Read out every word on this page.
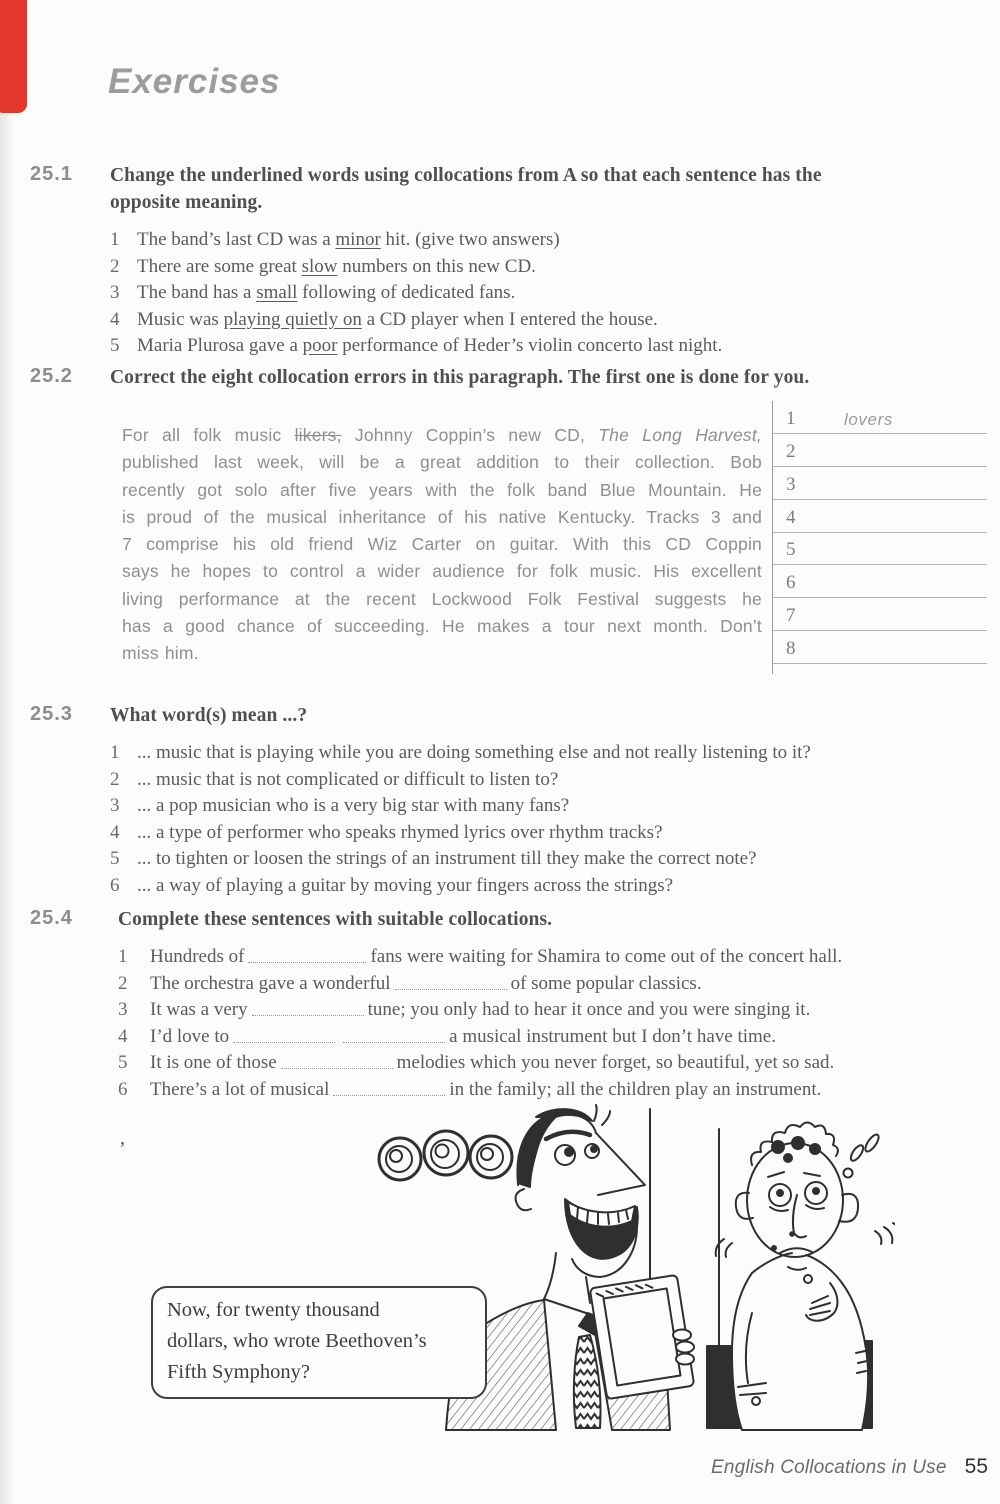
Exercises
25.1	Change the underlined words using collocations from A so that each sentence has the
opposite meaning.
1 The band’s last CD was a minor hit. (give two answers)
2 There are some great slow numbers on this new CD.
3 The band has a small following of dedicated fans.
4 Music was playing quietly on a CD player when I entered the house.
5 Maria Plurosa gave a poor performance of Heder’s violin concerto last night.
25.2	Correct the eight collocation errors in this paragraph. The first one is done for you.
For all folk music likers, Johnny Coppin’s new CD, The Long Harvest,
published last week, will be a great addition to their collection. Bob
recently got solo after five years with the folk band Blue Mountain. He
is proud of the musical inheritance of his native Kentucky. Tracks 3 and
7 comprise his old friend Wiz Carter on guitar. With this CD Coppin
says he hopes to control a wider audience for folk music. His excellent
living performance at the recent Lockwood Folk Festival suggests he
has a good chance of succeeding. He makes a tour next month. Don’t
miss him.
1	lovers
2
3
4
5
6
7
8
25.3	What word(s) mean ...?
1 ... music that is playing while you are doing something else and not really listening to it?
2 ... music that is not complicated or difficult to listen to?
3 ... a pop musician who is a very big star with many fans?
4 ... a type of performer who speaks rhymed lyrics over rhythm tracks?
5 ... to tighten or loosen the strings of an instrument till they make the correct note?
6 ... a way of playing a guitar by moving your fingers across the strings?
25.4	Complete these sentences with suitable collocations.
1	Hundreds of	fans were waiting for Shamira to come out of the concert hall.
2	The orchestra gave a wonderful	of some popular classics.
3	It was a very	tune; you only had to hear it once and you were singing it.
4	I’d love to	a musical instrument but I don’t have time.
5	It is one of those	melodies which you never forget, so beautiful, yet so sad.
6	There’s a lot of musical	in the family; all the children play an instrument.
’
Now, for twenty thousand
dollars, who wrote Beethoven’s
Fifth Symphony?
English Collocations in Use 55
